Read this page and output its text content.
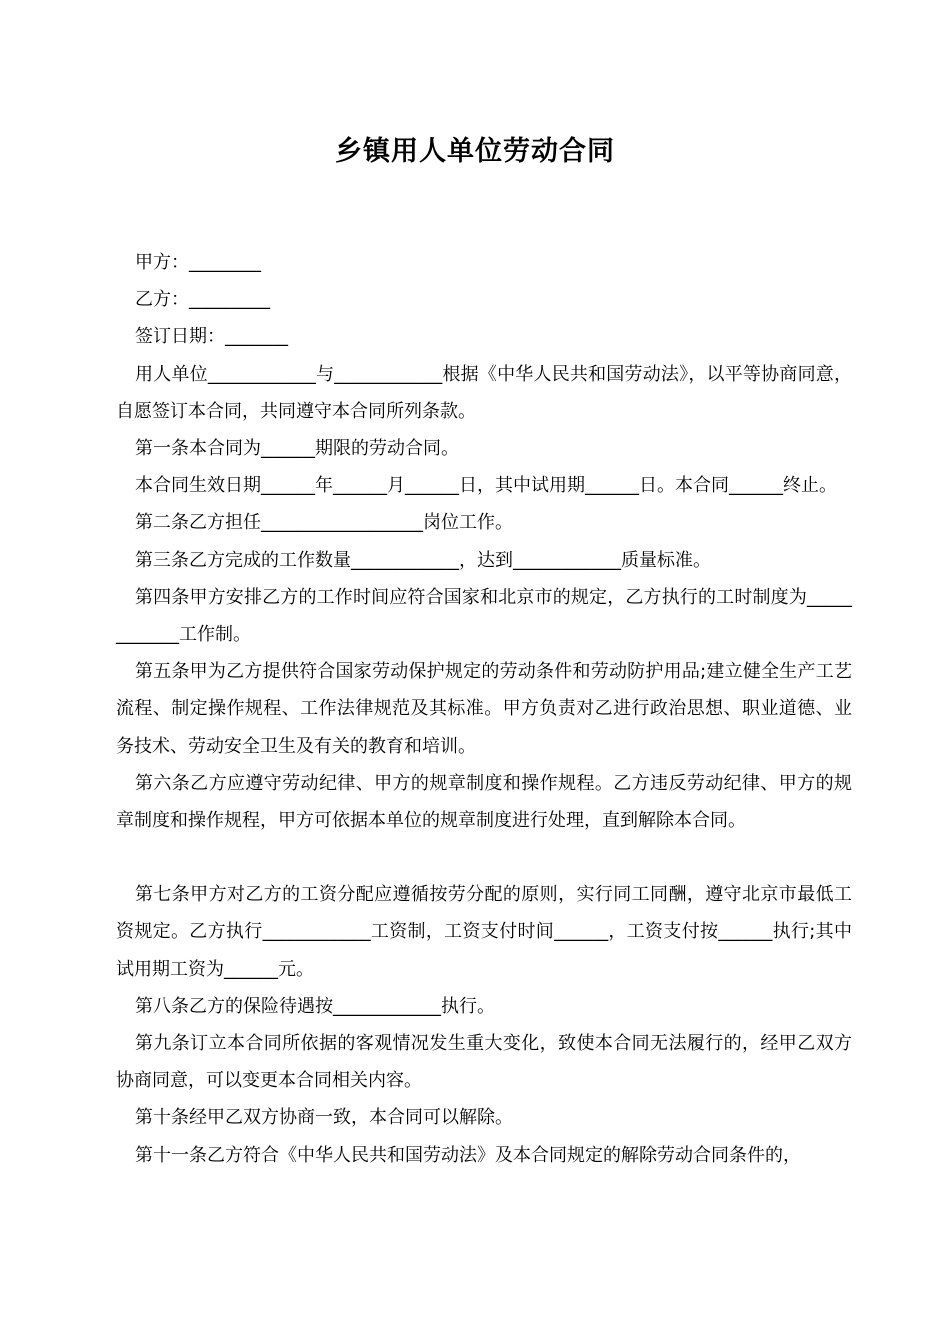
乡镇用人单位劳动合同

甲方：________

乙方：_________

签订日期：_______

用人单位____________与____________根据《中华人民共和国劳动法》，以平等协商同意，自愿签订本合同，共同遵守本合同所列条款。

第一条本合同为______期限的劳动合同。

本合同生效日期______年______月______日，其中试用期______日。本合同______终止。

第二条乙方担任__________________岗位工作。

第三条乙方完成的工作数量____________，达到____________质量标准。

第四条甲方安排乙方的工作时间应符合国家和北京市的规定，乙方执行的工时制度为____________工作制。

第五条甲为乙方提供符合国家劳动保护规定的劳动条件和劳动防护用品;建立健全生产工艺流程、制定操作规程、工作法律规范及其标准。甲方负责对乙进行政治思想、职业道德、业务技术、劳动安全卫生及有关的教育和培训。

第六条乙方应遵守劳动纪律、甲方的规章制度和操作规程。乙方违反劳动纪律、甲方的规章制度和操作规程，甲方可依据本单位的规章制度进行处理，直到解除本合同。

第七条甲方对乙方的工资分配应遵循按劳分配的原则，实行同工同酬，遵守北京市最低工资规定。乙方执行____________工资制，工资支付时间______，工资支付按______执行;其中试用期工资为______元。

第八条乙方的保险待遇按____________执行。

第九条订立本合同所依据的客观情况发生重大变化，致使本合同无法履行的，经甲乙双方协商同意，可以变更本合同相关内容。

第十条经甲乙双方协商一致，本合同可以解除。

第十一条乙方符合《中华人民共和国劳动法》及本合同规定的解除劳动合同条件的，
